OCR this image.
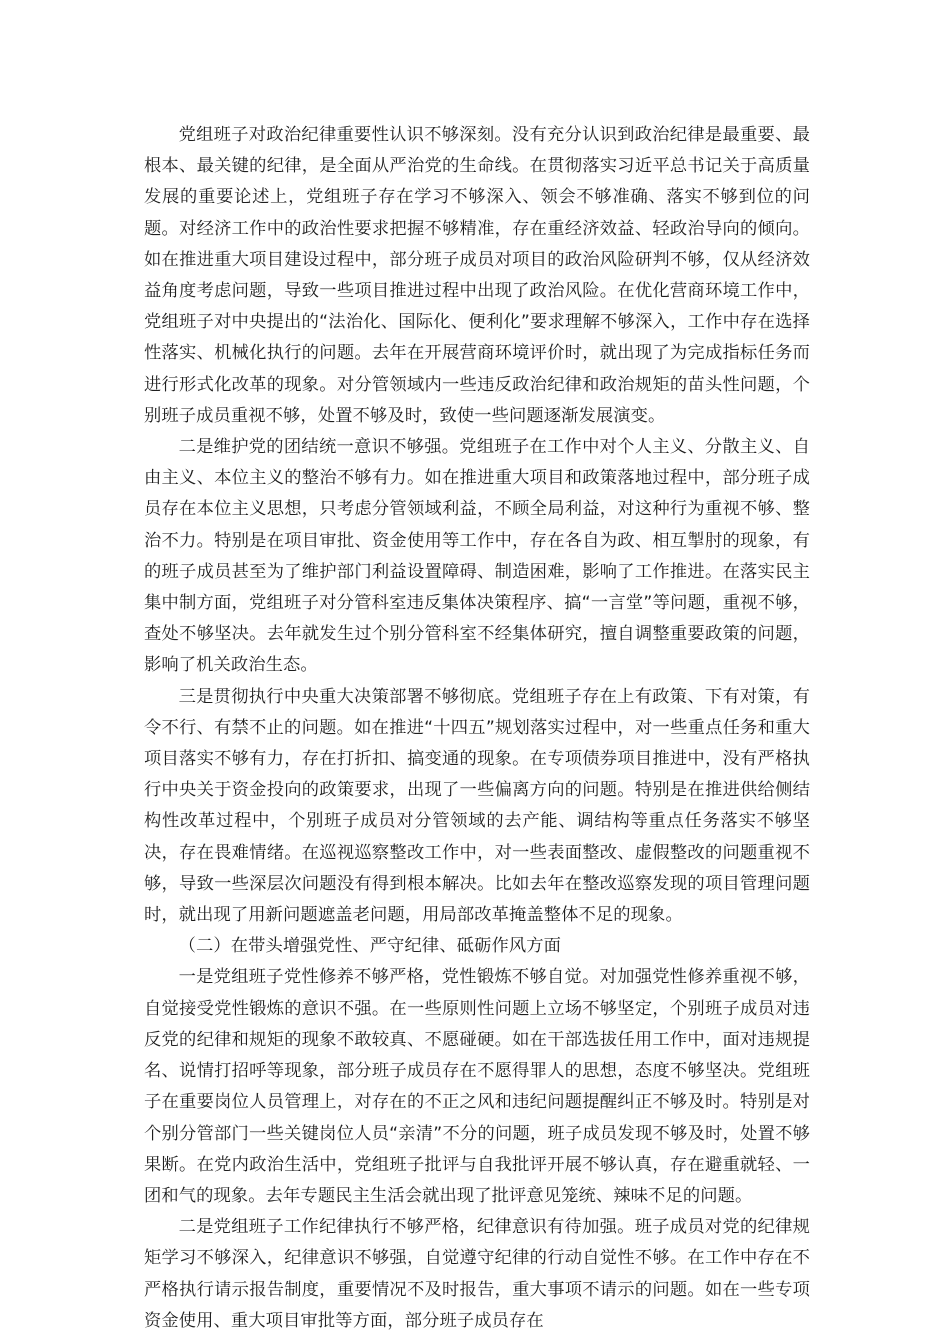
党组班子对政治纪律重要性认识不够深刻。没有充分认识到政治纪律是最重要、最根本、最关键的纪律，是全面从严治党的生命线。在贯彻落实习近平总书记关于高质量发展的重要论述上，党组班子存在学习不够深入、领会不够准确、落实不够到位的问题。对经济工作中的政治性要求把握不够精准，存在重经济效益、轻政治导向的倾向。如在推进重大项目建设过程中，部分班子成员对项目的政治风险研判不够，仅从经济效益角度考虑问题，导致一些项目推进过程中出现了政治风险。在优化营商环境工作中，党组班子对中央提出的“法治化、国际化、便利化”要求理解不够深入，工作中存在选择性落实、机械化执行的问题。去年在开展营商环境评价时，就出现了为完成指标任务而进行形式化改革的现象。对分管领域内一些违反政治纪律和政治规矩的苗头性问题，个别班子成员重视不够，处置不够及时，致使一些问题逐渐发展演变。

二是维护党的团结统一意识不够强。党组班子在工作中对个人主义、分散主义、自由主义、本位主义的整治不够有力。如在推进重大项目和政策落地过程中，部分班子成员存在本位主义思想，只考虑分管领域利益，不顾全局利益，对这种行为重视不够、整治不力。特别是在项目审批、资金使用等工作中，存在各自为政、相互掣肘的现象，有的班子成员甚至为了维护部门利益设置障碍、制造困难，影响了工作推进。在落实民主集中制方面，党组班子对分管科室违反集体决策程序、搞“一言堂”等问题，重视不够，查处不够坚决。去年就发生过个别分管科室不经集体研究，擅自调整重要政策的问题，影响了机关政治生态。

三是贯彻执行中央重大决策部署不够彻底。党组班子存在上有政策、下有对策，有令不行、有禁不止的问题。如在推进“十四五”规划落实过程中，对一些重点任务和重大项目落实不够有力，存在打折扣、搞变通的现象。在专项债券项目推进中，没有严格执行中央关于资金投向的政策要求，出现了一些偏离方向的问题。特别是在推进供给侧结构性改革过程中，个别班子成员对分管领域的去产能、调结构等重点任务落实不够坚决，存在畏难情绪。在巡视巡察整改工作中，对一些表面整改、虚假整改的问题重视不够，导致一些深层次问题没有得到根本解决。比如去年在整改巡察发现的项目管理问题时，就出现了用新问题遮盖老问题，用局部改革掩盖整体不足的现象。

（二）在带头增强党性、严守纪律、砥砺作风方面

一是党组班子党性修养不够严格，党性锻炼不够自觉。对加强党性修养重视不够，自觉接受党性锻炼的意识不强。在一些原则性问题上立场不够坚定，个别班子成员对违反党的纪律和规矩的现象不敢较真、不愿碰硬。如在干部选拔任用工作中，面对违规提名、说情打招呼等现象，部分班子成员存在不愿得罪人的思想，态度不够坚决。党组班子在重要岗位人员管理上，对存在的不正之风和违纪问题提醒纠正不够及时。特别是对个别分管部门一些关键岗位人员“亲清”不分的问题，班子成员发现不够及时，处置不够果断。在党内政治生活中，党组班子批评与自我批评开展不够认真，存在避重就轻、一团和气的现象。去年专题民主生活会就出现了批评意见笼统、辣味不足的问题。

二是党组班子工作纪律执行不够严格，纪律意识有待加强。班子成员对党的纪律规矩学习不够深入，纪律意识不够强，自觉遵守纪律的行动自觉性不够。在工作中存在不严格执行请示报告制度，重要情况不及时报告，重大事项不请示的问题。如在一些专项资金使用、重大项目审批等方面，部分班子成员存在
